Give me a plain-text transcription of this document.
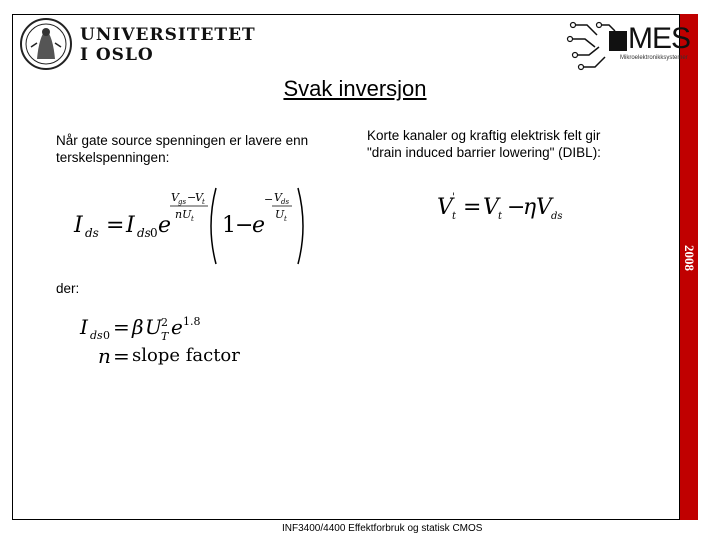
2008
UNIVERSITETET
I OSLO	MES
Mikroelektronikksystemer
Svak inversjon
Når gate source spenningen er lavere enn terskelspenningen:
Korte kanaler og kraftig elektrisk felt gir "drain induced barrier lowering" (DIBL):
I ds = I ds 0 e
V gs −
V t
nU t 1 −
e
− V ds
U t	V '
t = V t −
η V ds
der:
I ds 0 = β U 2
T e 1.8
n = slope factor
INF3400/4400 Effektforbruk og statisk CMOS
